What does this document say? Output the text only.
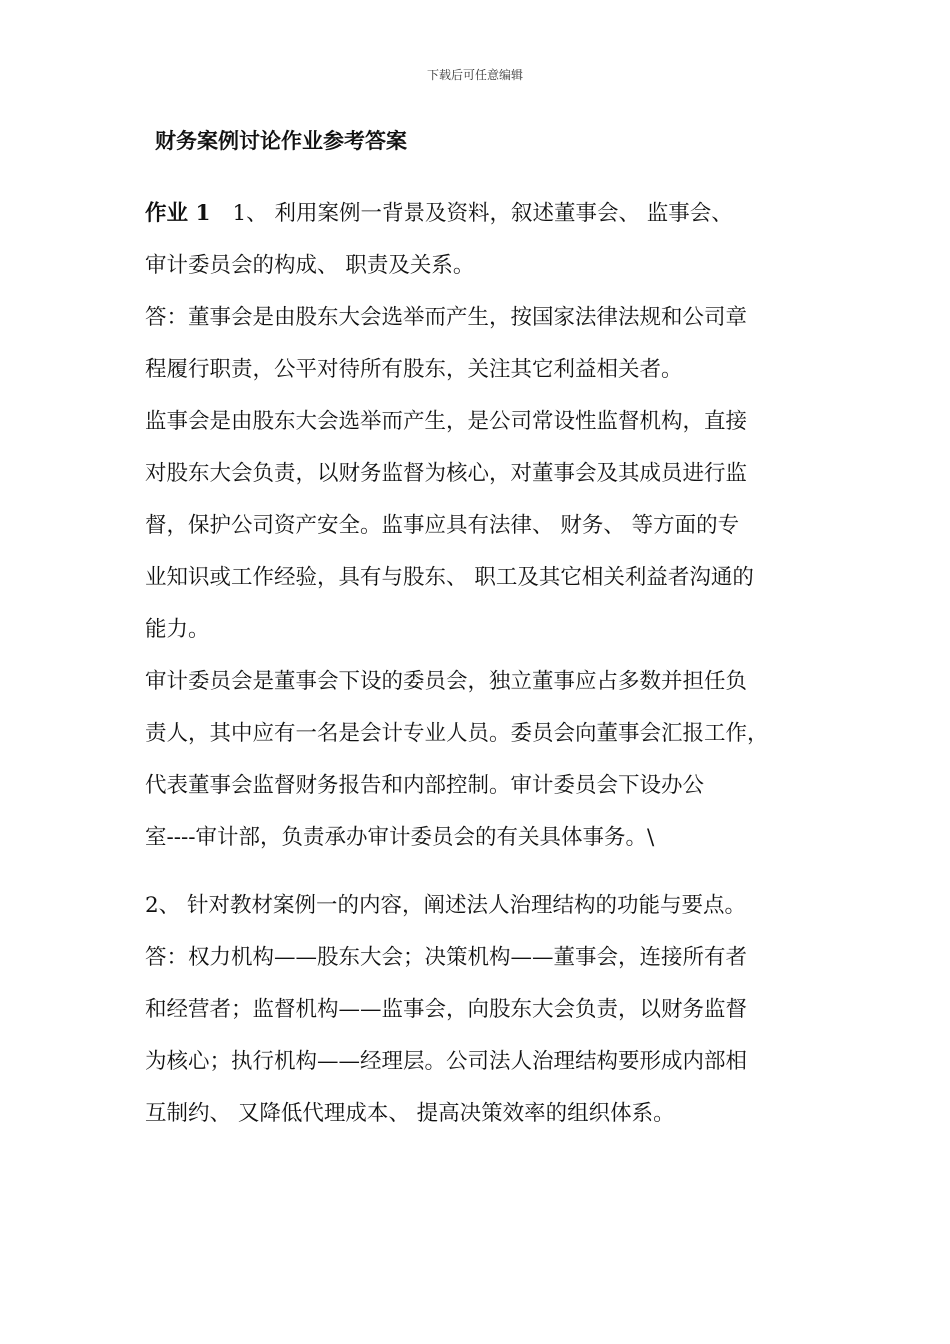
下载后可任意编辑
财务案例讨论作业参考答案
作业 1 1、 利用案例一背景及资料，叙述董事会、 监事会、
审计委员会的构成、 职责及关系。
答：董事会是由股东大会选举而产生，按国家法律法规和公司章
程履行职责，公平对待所有股东，关注其它利益相关者。
监事会是由股东大会选举而产生，是公司常设性监督机构，直接
对股东大会负责，以财务监督为核心，对董事会及其成员进行监
督，保护公司资产安全。监事应具有法律、 财务、 等方面的专
业知识或工作经验，具有与股东、 职工及其它相关利益者沟通的
能力。
审计委员会是董事会下设的委员会，独立董事应占多数并担任负
责人，其中应有一名是会计专业人员。委员会向董事会汇报工作，
代表董事会监督财务报告和内部控制。审计委员会下设办公
室----审计部，负责承办审计委员会的有关具体事务。\
2、 针对教材案例一的内容，阐述法人治理结构的功能与要点。
答：权力机构——股东大会；决策机构——董事会，连接所有者
和经营者；监督机构——监事会，向股东大会负责，以财务监督
为核心；执行机构——经理层。公司法人治理结构要形成内部相
互制约、 又降低代理成本、 提高决策效率的组织体系。
